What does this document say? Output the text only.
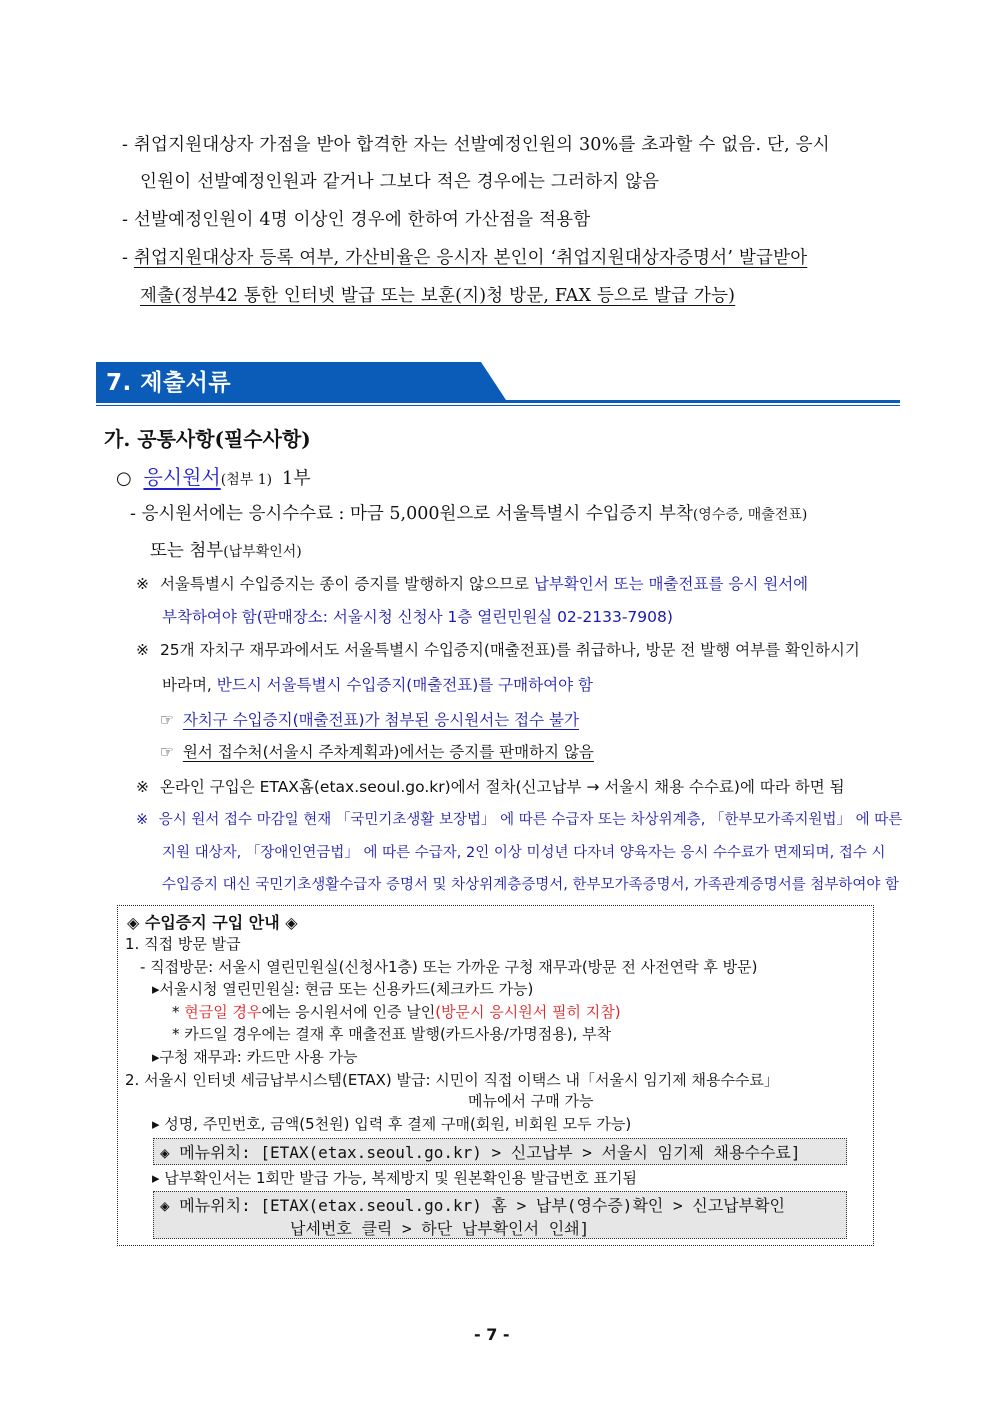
- 취업지원대상자 가점을 받아 합격한 자는 선발예정인원의 30%를 초과할 수 없음. 단, 응시
인원이 선발예정인원과 같거나 그보다 적은 경우에는 그러하지 않음
- 선발예정인원이 4명 이상인 경우에 한하여 가산점을 적용함
- 취업지원대상자 등록 여부, 가산비율은 응시자 본인이 ‘취업지원대상자증명서’ 발급받아
제출(정부42 통한 인터넷 발급 또는 보훈(지)청 방문, FAX 등으로 발급 가능)
7. 제출서류
가. 공통사항(필수사항)
○ 응시원서(첨부 1) 1부
- 응시원서에는 응시수수료 : 마금 5,000원으로 서울특별시 수입증지 부착(영수증, 매출전표)
또는 첨부(납부확인서)
※ 서울특별시 수입증지는 종이 증지를 발행하지 않으므로 납부확인서 또는 매출전표를 응시 원서에
부착하여야 함(판매장소: 서울시청 신청사 1층 열린민원실 02-2133-7908)
※ 25개 자치구 재무과에서도 서울특별시 수입증지(매출전표)를 취급하나, 방문 전 발행 여부를 확인하시기
바라며, 반드시 서울특별시 수입증지(매출전표)를 구매하여야 함
☞ 자치구 수입증지(매출전표)가 첨부된 응시원서는 접수 불가
☞ 원서 접수처(서울시 주차계획과)에서는 증지를 판매하지 않음
※ 온라인 구입은 ETAX홈(etax.seoul.go.kr)에서 절차(신고납부 → 서울시 채용 수수료)에 따라 하면 됨
※ 응시 원서 접수 마감일 현재 「국민기초생활 보장법」 에 따른 수급자 또는 차상위계층, 「한부모가족지원법」 에 따른
지원 대상자, 「장애인연금법」 에 따른 수급자, 2인 이상 미성년 다자녀 양육자는 응시 수수료가 면제되며, 접수 시
수입증지 대신 국민기초생활수급자 증명서 및 차상위계층증명서, 한부모가족증명서, 가족관계증명서를 첨부하여야 함
◈ 수입증지 구입 안내 ◈
1. 직접 방문 발급
- 직접방문: 서울시 열린민원실(신청사1층) 또는 가까운 구청 재무과(방문 전 사전연락 후 방문)
▸서울시청 열린민원실: 현금 또는 신용카드(체크카드 가능)
* 현금일 경우에는 응시원서에 인증 날인(방문시 응시원서 필히 지참)
* 카드일 경우에는 결재 후 매출전표 발행(카드사용/가명점용), 부착
▸구청 재무과: 카드만 사용 가능
2. 서울시 인터넷 세금납부시스템(ETAX) 발급: 시민이 직접 이택스 내「서울시 임기제 채용수수료」
메뉴에서 구매 가능
▸ 성명, 주민번호, 금액(5천원) 입력 후 결제 구매(회원, 비회원 모두 가능)
◈ 메뉴위치: [ETAX(etax.seoul.go.kr) > 신고납부 > 서울시 임기제 채용수수료]
▸ 납부확인서는 1회만 발급 가능, 복제방지 및 원본확인용 발급번호 표기됨
◈ 메뉴위치: [ETAX(etax.seoul.go.kr) 홈 > 납부(영수증)확인 > 신고납부확인
납세번호 클릭 > 하단 납부확인서 인쇄]
- 7 -
